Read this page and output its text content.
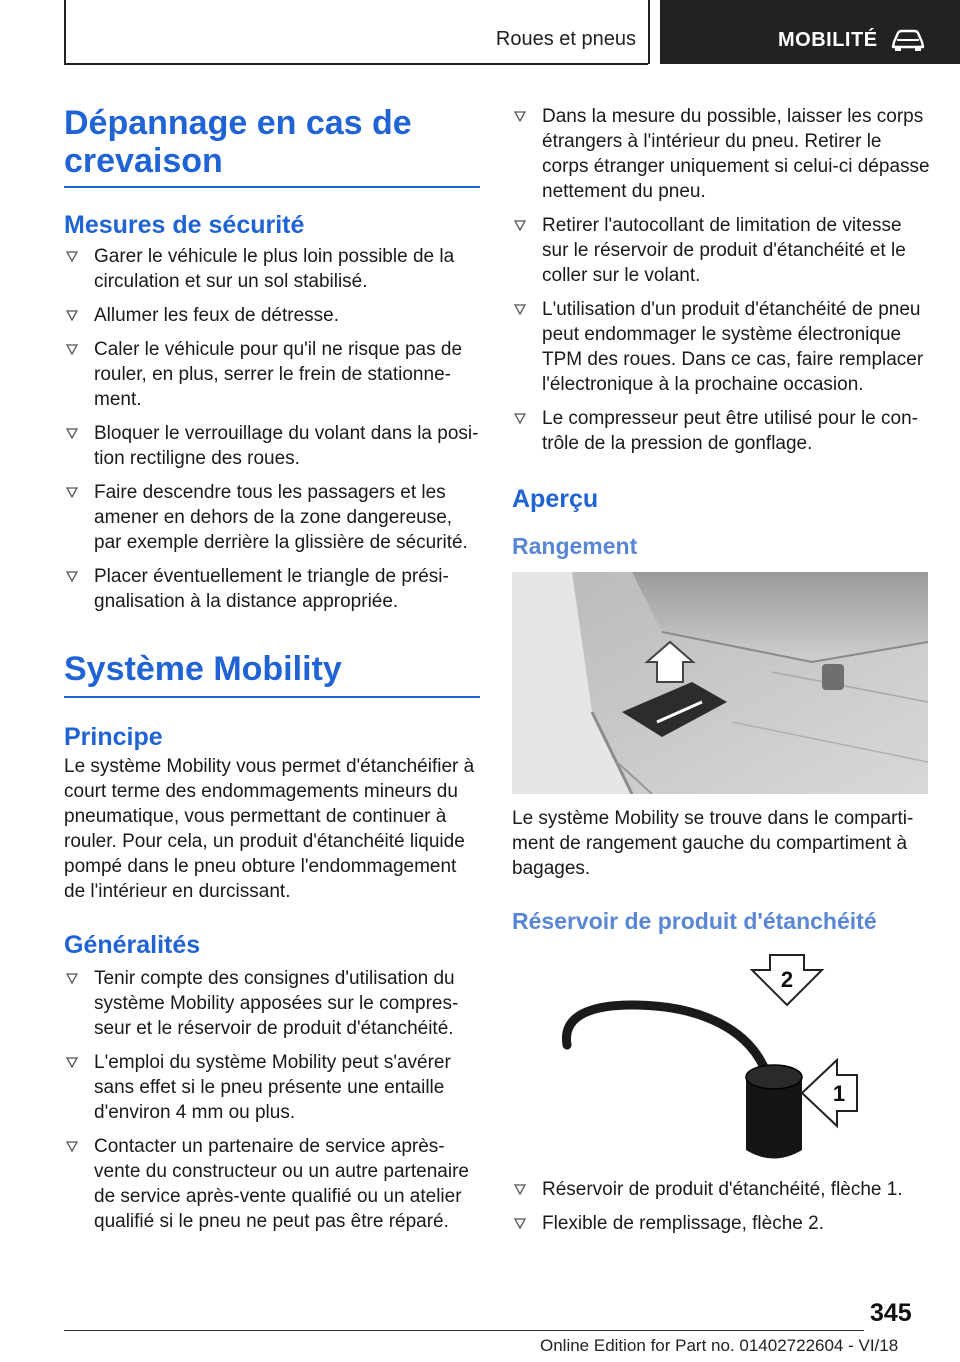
Roues et pneus	MOBILITÉ
Dépannage en cas de crevaison
Mesures de sécurité
Garer le véhicule le plus loin possible de la circulation et sur un sol stabilisé.
Allumer les feux de détresse.
Caler le véhicule pour qu'il ne risque pas de rouler, en plus, serrer le frein de stationnement.
Bloquer le verrouillage du volant dans la position rectiligne des roues.
Faire descendre tous les passagers et les amener en dehors de la zone dangereuse, par exemple derrière la glissière de sécurité.
Placer éventuellement le triangle de présignalisation à la distance appropriée.
Système Mobility
Principe
Le système Mobility vous permet d'étanchéifier à court terme des endommagements mineurs du pneumatique, vous permettant de continuer à rouler. Pour cela, un produit d'étanchéité liquide pompé dans le pneu obture l'endommagement de l'intérieur en durcissant.
Généralités
Tenir compte des consignes d'utilisation du système Mobility apposées sur le compresseur et le réservoir de produit d'étanchéité.
L'emploi du système Mobility peut s'avérer sans effet si le pneu présente une entaille d'environ 4 mm ou plus.
Contacter un partenaire de service après-vente du constructeur ou un autre partenaire de service après-vente qualifié ou un atelier qualifié si le pneu ne peut pas être réparé.
Dans la mesure du possible, laisser les corps étrangers à l'intérieur du pneu. Retirer le corps étranger uniquement si celui-ci dépasse nettement du pneu.
Retirer l'autocollant de limitation de vitesse sur le réservoir de produit d'étanchéité et le coller sur le volant.
L'utilisation d'un produit d'étanchéité de pneu peut endommager le système électronique TPM des roues. Dans ce cas, faire remplacer l'électronique à la prochaine occasion.
Le compresseur peut être utilisé pour le contrôle de la pression de gonflage.
Aperçu
Rangement
Le système Mobility se trouve dans le compartiment de rangement gauche du compartiment à bagages.
Réservoir de produit d'étanchéité
2
1
Réservoir de produit d'étanchéité, flèche 1.
Flexible de remplissage, flèche 2.
345
Online Edition for Part no. 01402722604 - VI/18
